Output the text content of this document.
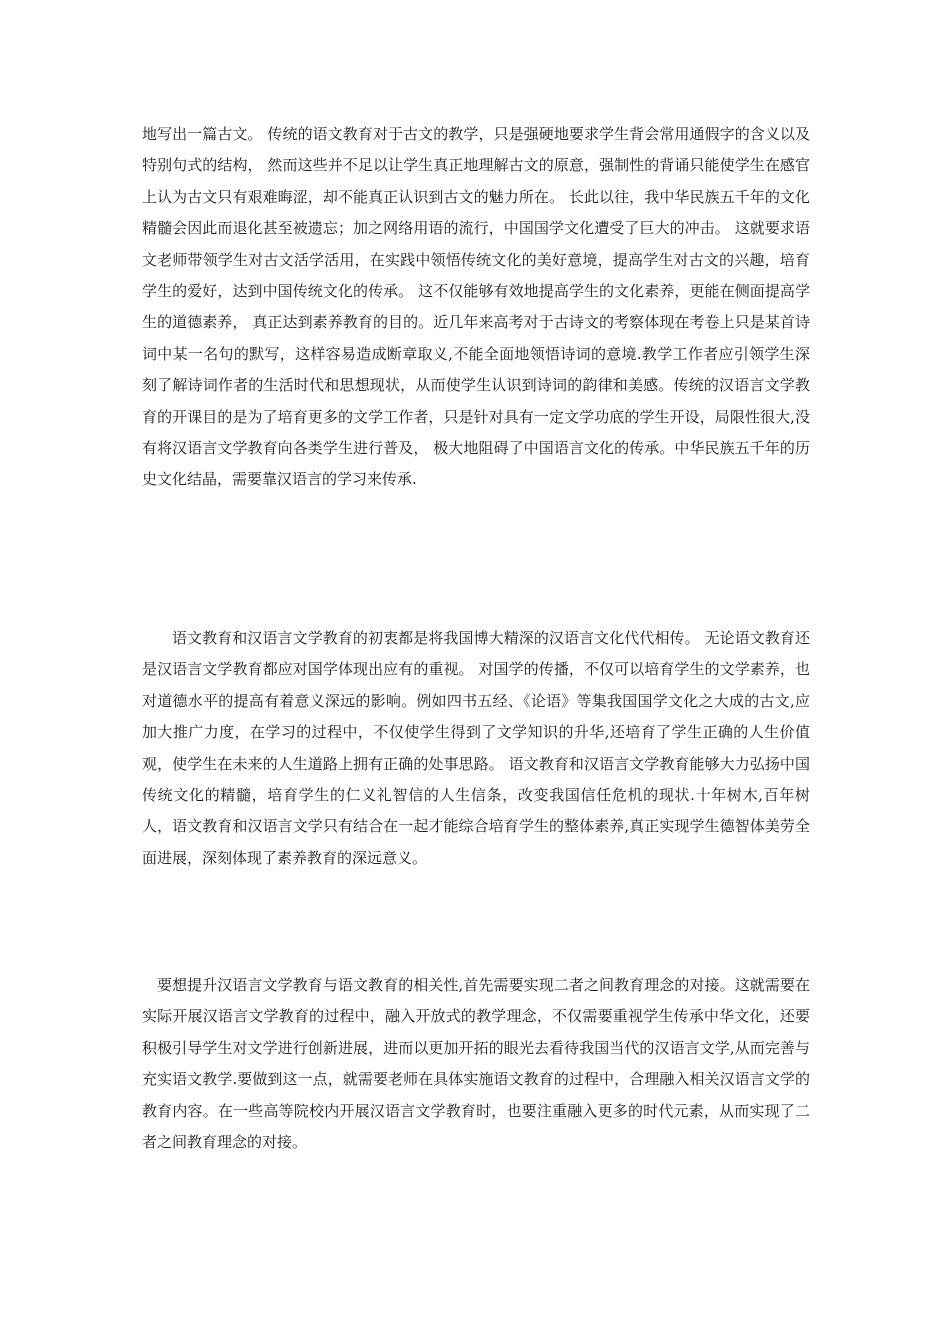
地写出一篇古文。 传统的语文教育对于古文的教学，只是强硬地要求学生背会常用通假字的含义以及特别句式的结构， 然而这些并不足以让学生真正地理解古文的原意，强制性的背诵只能使学生在感官上认为古文只有艰难晦涩，却不能真正认识到古文的魅力所在。 长此以往，我中华民族五千年的文化精髓会因此而退化甚至被遗忘；加之网络用语的流行，中国国学文化遭受了巨大的冲击。 这就要求语文老师带领学生对古文活学活用，在实践中领悟传统文化的美好意境，提高学生对古文的兴趣，培育学生的爱好，达到中国传统文化的传承。 这不仅能够有效地提高学生的文化素养，更能在侧面提高学生的道德素养， 真正达到素养教育的目的。近几年来高考对于古诗文的考察体现在考卷上只是某首诗词中某一名句的默写，这样容易造成断章取义,不能全面地领悟诗词的意境.教学工作者应引领学生深刻了解诗词作者的生活时代和思想现状，从而使学生认识到诗词的韵律和美感。传统的汉语言文学教育的开课目的是为了培育更多的文学工作者，只是针对具有一定文学功底的学生开设，局限性很大,没有将汉语言文学教育向各类学生进行普及， 极大地阻碍了中国语言文化的传承。中华民族五千年的历史文化结晶，需要靠汉语言的学习来传承.

语文教育和汉语言文学教育的初衷都是将我国博大精深的汉语言文化代代相传。 无论语文教育还是汉语言文学教育都应对国学体现出应有的重视。 对国学的传播，不仅可以培育学生的文学素养，也对道德水平的提高有着意义深远的影响。例如四书五经、《论语》等集我国国学文化之大成的古文,应加大推广力度，在学习的过程中，不仅使学生得到了文学知识的升华,还培育了学生正确的人生价值观，使学生在未来的人生道路上拥有正确的处事思路。 语文教育和汉语言文学教育能够大力弘扬中国传统文化的精髓，培育学生的仁义礼智信的人生信条，改变我国信任危机的现状.十年树木,百年树人，语文教育和汉语言文学只有结合在一起才能综合培育学生的整体素养,真正实现学生德智体美劳全面进展，深刻体现了素养教育的深远意义。

要想提升汉语言文学教育与语文教育的相关性,首先需要实现二者之间教育理念的对接。这就需要在实际开展汉语言文学教育的过程中，融入开放式的教学理念，不仅需要重视学生传承中华文化，还要积极引导学生对文学进行创新进展，进而以更加开拓的眼光去看待我国当代的汉语言文学,从而完善与充实语文教学.要做到这一点，就需要老师在具体实施语文教育的过程中，合理融入相关汉语言文学的教育内容。在一些高等院校内开展汉语言文学教育时，也要注重融入更多的时代元素，从而实现了二者之间教育理念的对接。
